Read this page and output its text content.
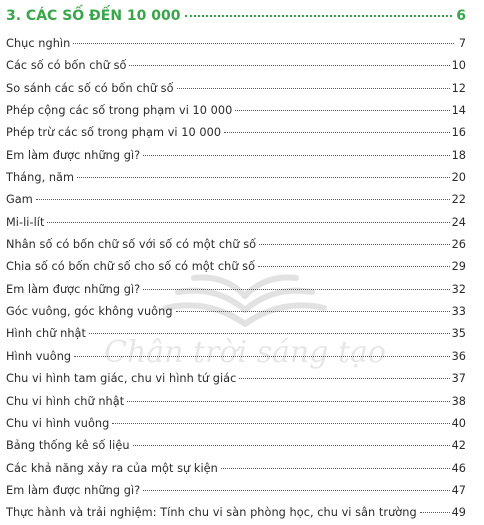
3. CÁC SỐ ĐẾN 10 000	6
Chân trời sáng tạo
Chục nghìn	7
Các số có bốn chữ số	10
So sánh các số có bốn chữ số	12
Phép cộng các số trong phạm vi 10 000	14
Phép trừ các số trong phạm vi 10 000	16
Em làm được những gì?	18
Tháng, năm	20
Gam	22
Mi-li-lít	24
Nhân số có bốn chữ số với số có một chữ số	26
Chia số có bốn chữ số cho số có một chữ số	29
Em làm được những gì?	32
Góc vuông, góc không vuông	33
Hình chữ nhật	35
Hình vuông	36
Chu vi hình tam giác, chu vi hình tứ giác	37
Chu vi hình chữ nhật	38
Chu vi hình vuông	40
Bảng thống kê số liệu	42
Các khả năng xảy ra của một sự kiện	46
Em làm được những gì?	47
Thực hành và trải nghiệm: Tính chu vi sàn phòng học, chu vi sân trường	49
